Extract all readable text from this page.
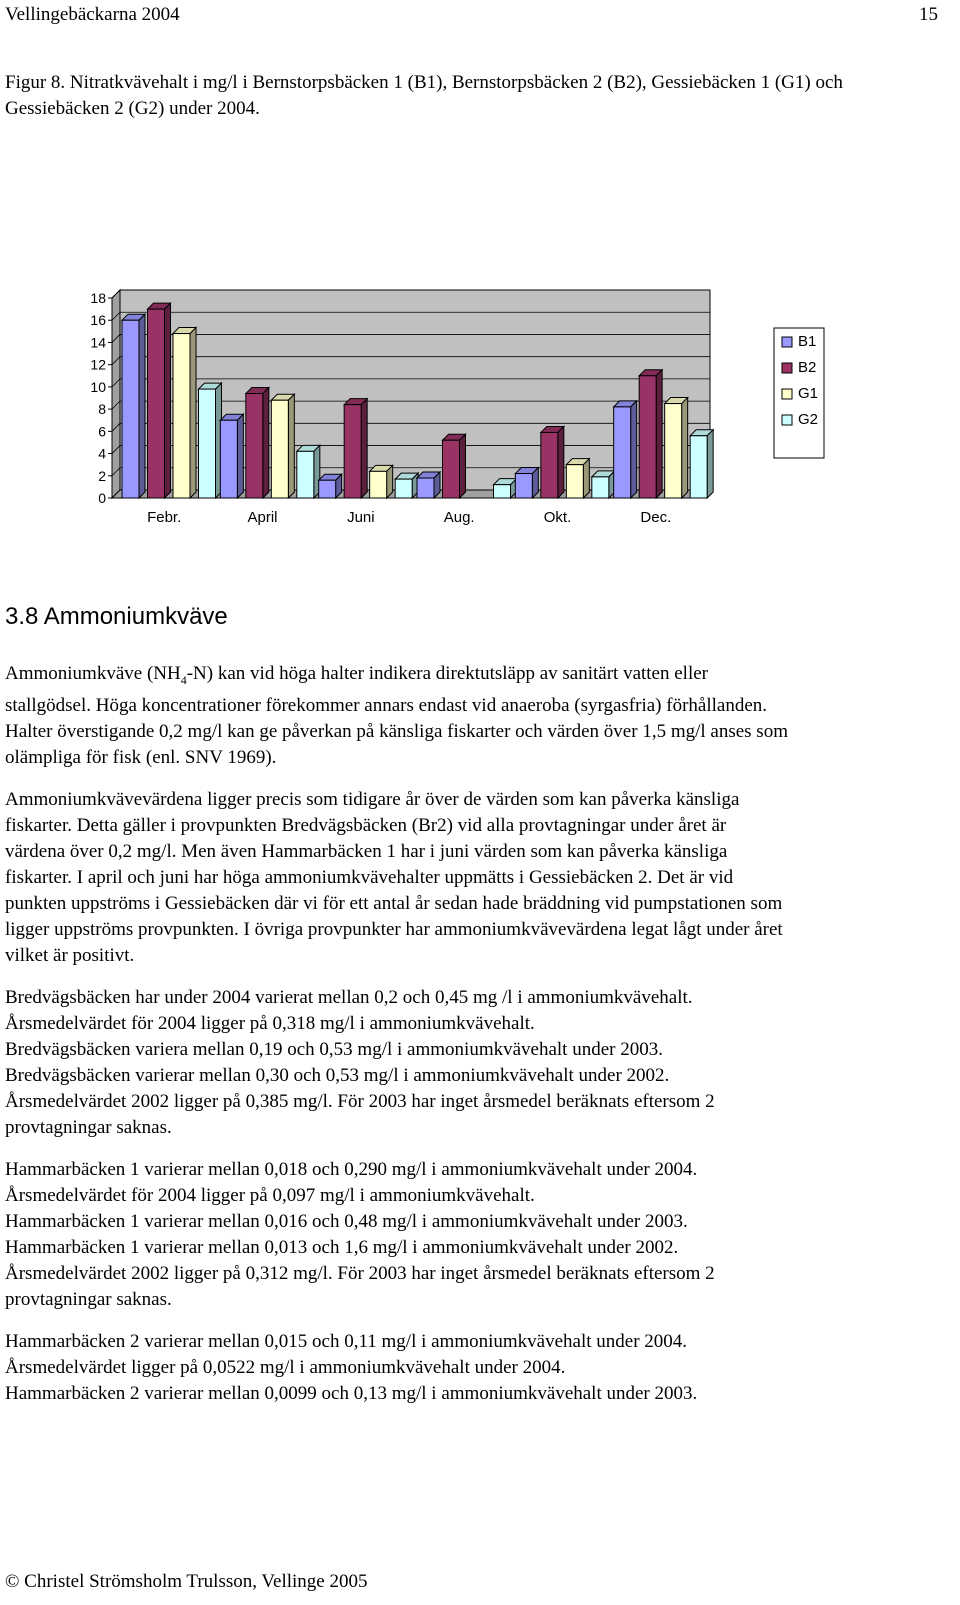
Vellingebäckarna 2004	15
Figur 8. Nitratkvävehalt i mg/l i Bernstorpsbäcken 1 (B1), Bernstorpsbäcken 2 (B2), Gessiebäcken 1 (G1) och Gessiebäcken 2 (G2) under 2004.
0
2
4
6
8
10
12
14
16
18
Febr.	April	Juni	Aug.	Okt.	Dec.
B1
B2
G1
G2
3.8 Ammoniumkväve
Ammoniumkväve $(NH_4-N)$ kan vid höga halter indikera direktutsläpp av sanitärt vatten eller
stallgödsel. Höga koncentrationer förekommer annars endast vid anaeroba (syrgasfria) förhållanden.
Halter överstigande 0,2 mg/l kan ge påverkan på känsliga fiskarter och värden över 1,5 mg/l anses som
olämpliga för fisk (enl. SNV 1969).
Ammoniumkvävevärdena ligger precis som tidigare år över de värden som kan påverka känsliga
fiskarter. Detta gäller i provpunkten Bredvägsbäcken (Br2) vid alla provtagningar under året är
värdena över 0,2 mg/l. Men även Hammarbäcken 1 har i juni värden som kan påverka känsliga
fiskarter. I april och juni har höga ammoniumkvävehalter uppmätts i Gessiebäcken 2. Det är vid
punkten uppströms i Gessiebäcken där vi för ett antal år sedan hade bräddning vid pumpstationen som
ligger uppströms provpunkten. I övriga provpunkter har ammoniumkvävevärdena legat lågt under året
vilket är positivt.
Bredvägsbäcken har under 2004 varierat mellan 0,2 och 0,45 mg /l i ammoniumkvävehalt.
Årsmedelvärdet för 2004 ligger på 0,318 mg/l i ammoniumkvävehalt.
Bredvägsbäcken variera mellan 0,19 och 0,53 mg/l i ammoniumkvävehalt under 2003.
Bredvägsbäcken varierar mellan 0,30 och 0,53 mg/l i ammoniumkvävehalt under 2002.
Årsmedelvärdet 2002 ligger på 0,385 mg/l. För 2003 har inget årsmedel beräknats eftersom 2
provtagningar saknas.
Hammarbäcken 1 varierar mellan 0,018 och 0,290 mg/l i ammoniumkvävehalt under 2004.
Årsmedelvärdet för 2004 ligger på 0,097 mg/l i ammoniumkvävehalt.
Hammarbäcken 1 varierar mellan 0,016 och 0,48 mg/l i ammoniumkvävehalt under 2003.
Hammarbäcken 1 varierar mellan 0,013 och 1,6 mg/l i ammoniumkvävehalt under 2002.
Årsmedelvärdet 2002 ligger på 0,312 mg/l. För 2003 har inget årsmedel beräknats eftersom 2
provtagningar saknas.
Hammarbäcken 2 varierar mellan 0,015 och 0,11 mg/l i ammoniumkvävehalt under 2004.
Årsmedelvärdet ligger på 0,0522 mg/l i ammoniumkvävehalt under 2004.
Hammarbäcken 2 varierar mellan 0,0099 och 0,13 mg/l i ammoniumkvävehalt under 2003.
© Christel Strömsholm Trulsson, Vellinge 2005
